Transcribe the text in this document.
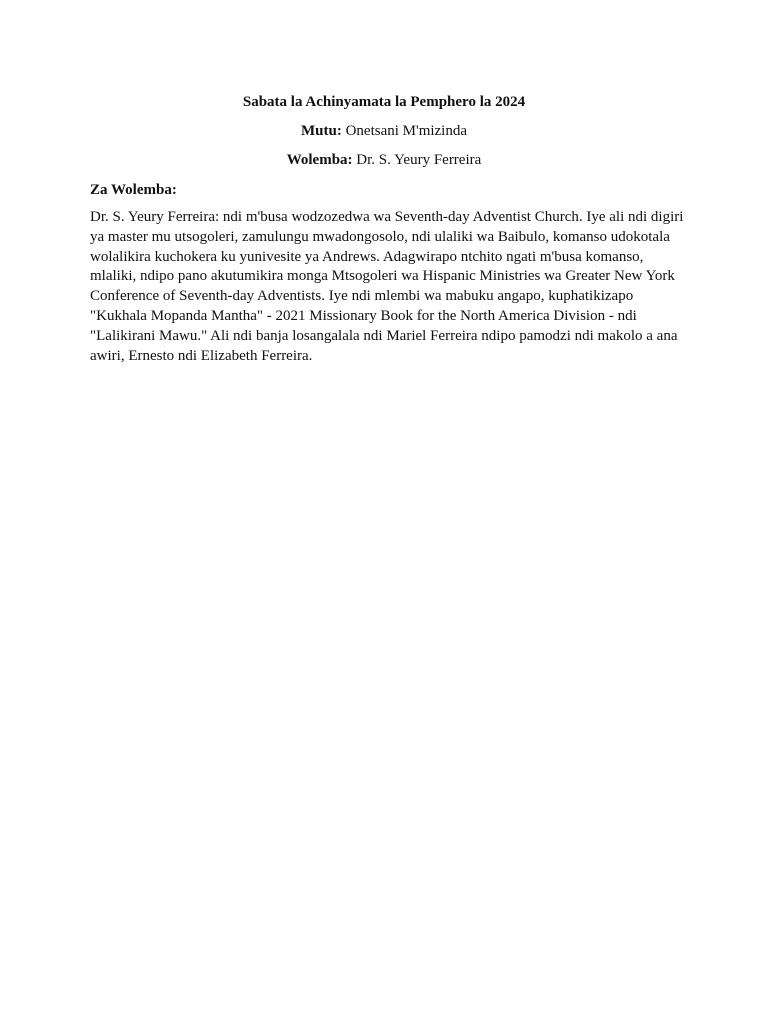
Sabata la Achinyamata la Pemphero la 2024
Mutu: Onetsani M'mizinda
Wolemba: Dr. S. Yeury Ferreira
Za Wolemba:

Dr. S. Yeury Ferreira: ndi m'busa wodzozedwa wa Seventh-day Adventist Church. Iye ali ndi digiri ya master mu utsogoleri, zamulungu mwadongosolo, ndi ulaliki wa Baibulo, komanso udokotala wolalikira kuchokera ku yunivesite ya Andrews. Adagwirapo ntchito ngati m'busa komanso, mlaliki, ndipo pano akutumikira monga Mtsogoleri wa Hispanic Ministries wa Greater New York Conference of Seventh-day Adventists. Iye ndi mlembi wa mabuku angapo, kuphatikizapo "Kukhala Mopanda Mantha" - 2021 Missionary Book for the North America Division - ndi "Lalikirani Mawu." Ali ndi banja losangalala ndi Mariel Ferreira ndipo pamodzi ndi makolo a ana awiri, Ernesto ndi Elizabeth Ferreira.
